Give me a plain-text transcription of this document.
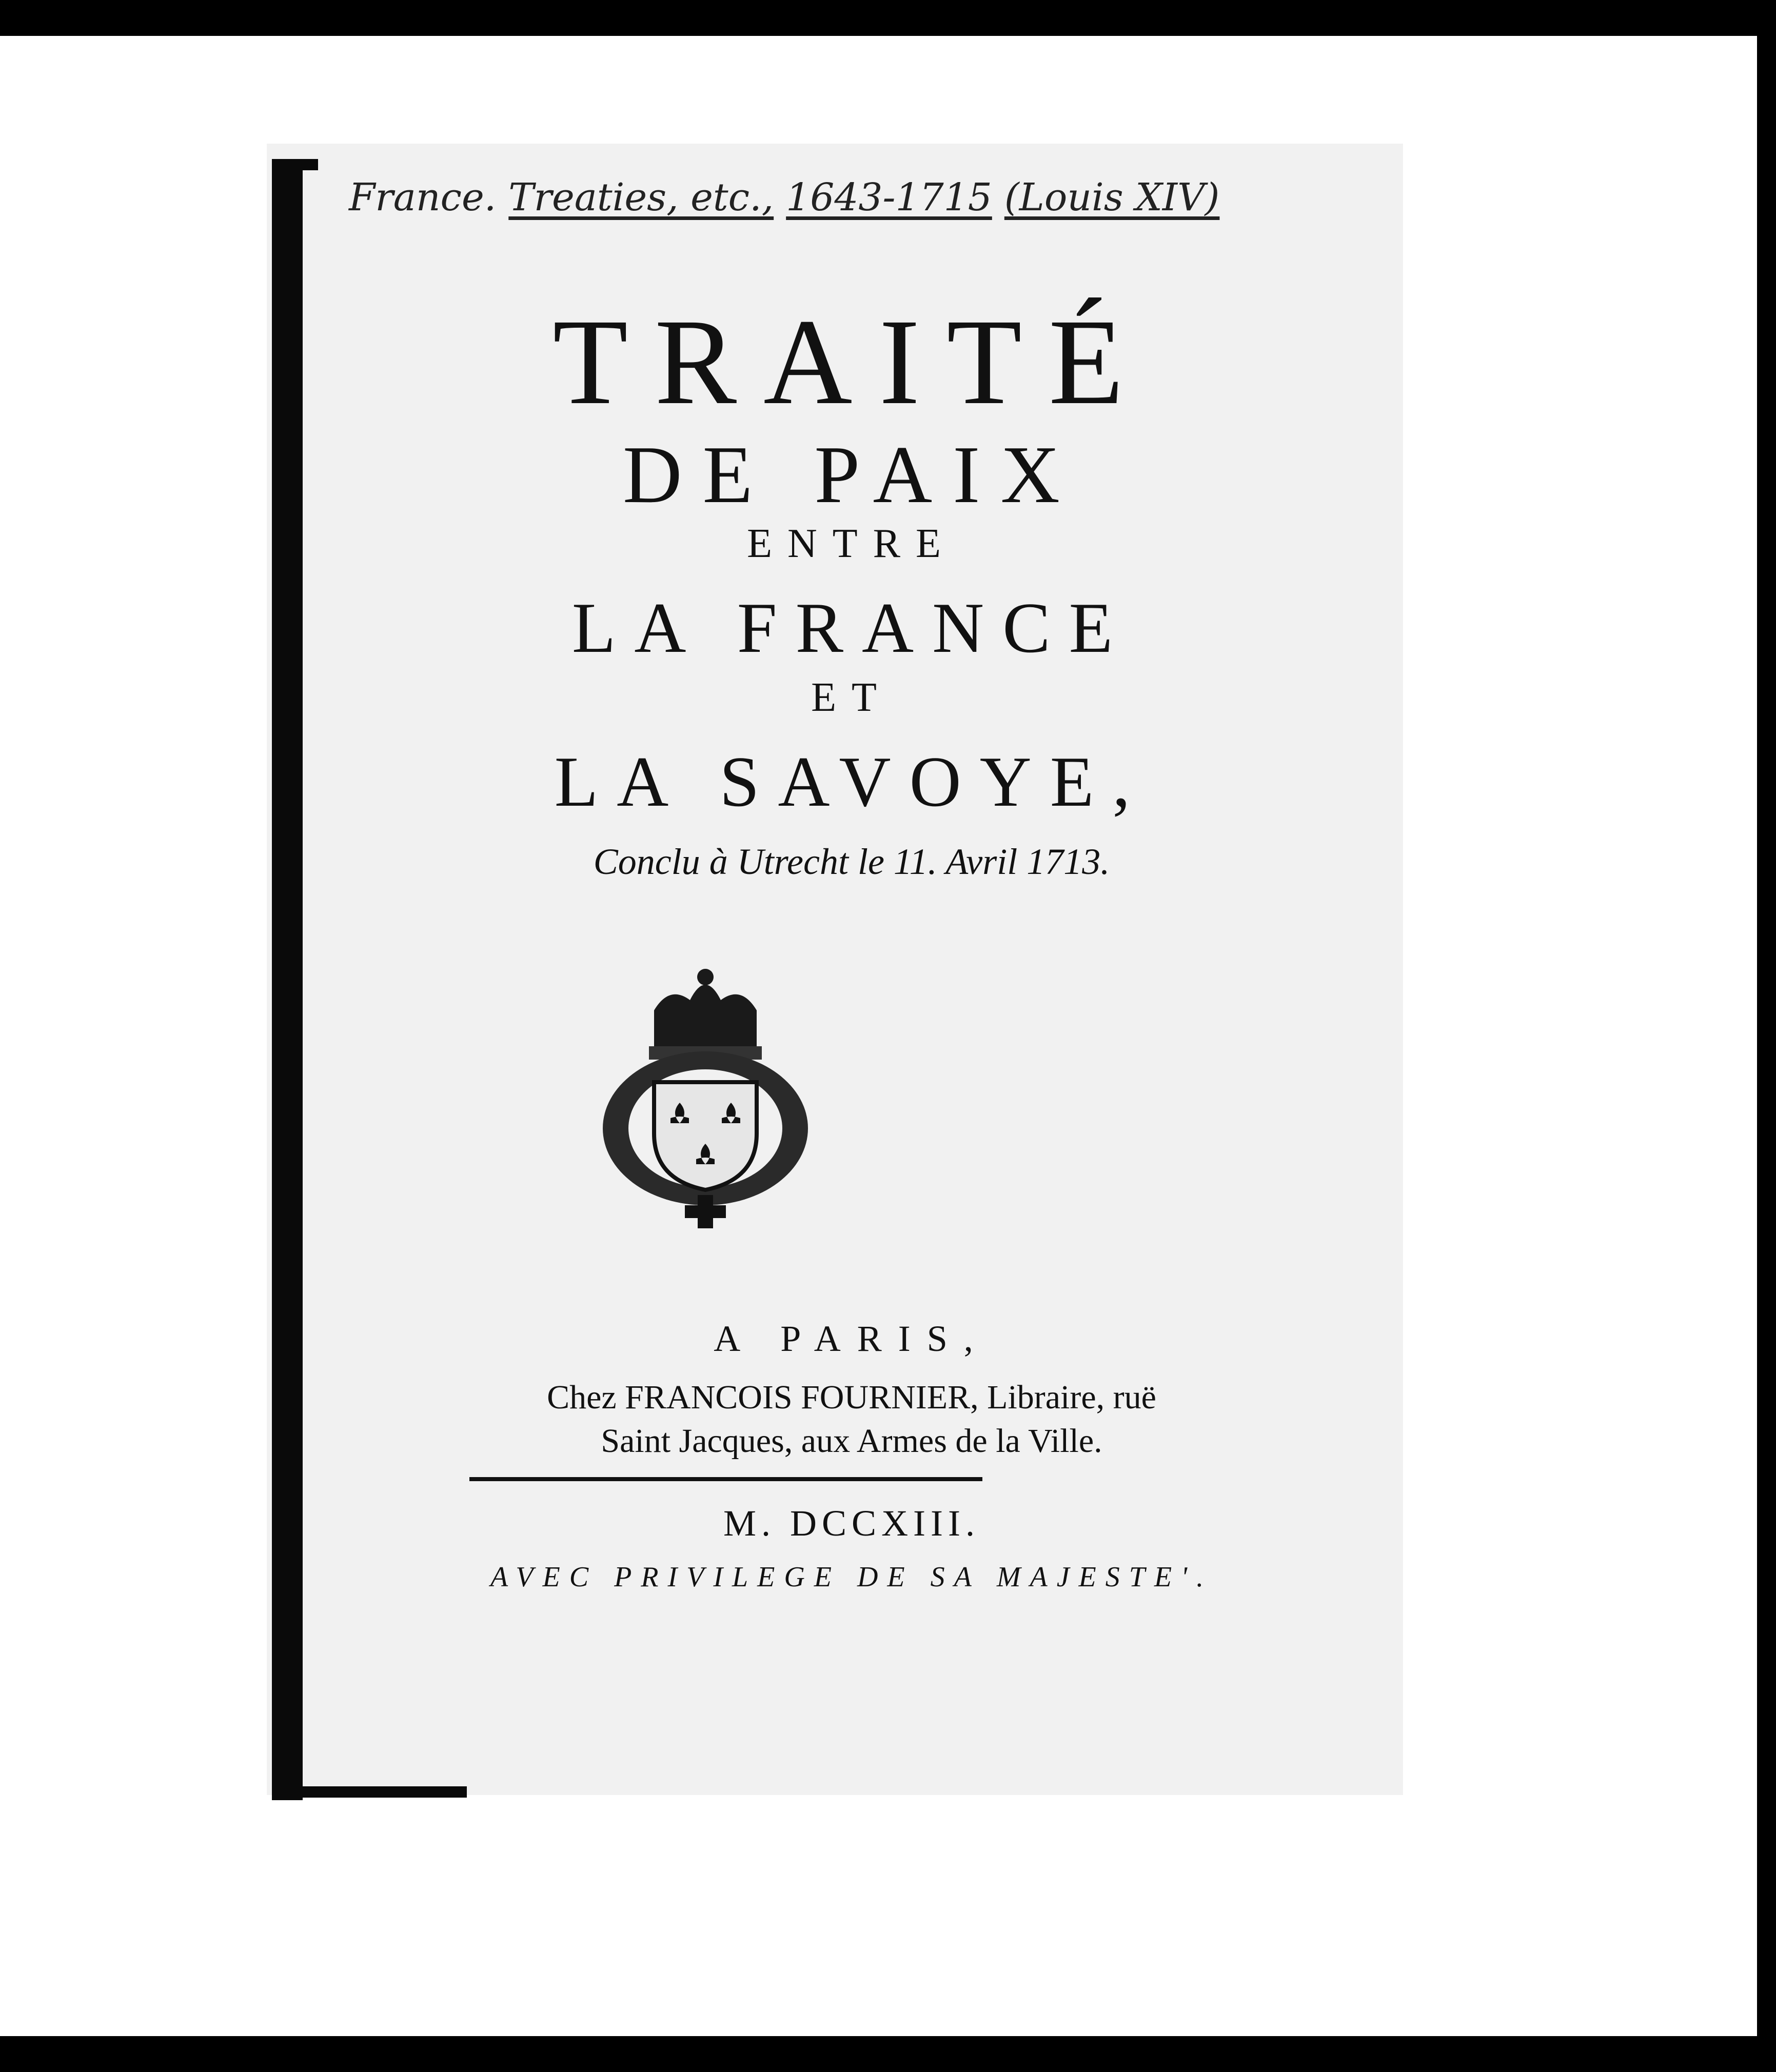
France. Treaties, etc., 1643-1715 (Louis XIV)

TRAITÉ

DE PAIX

ENTRE

LA FRANCE

ET

LA SAVOYE,

Conclu à Utrecht le 11. Avril 1713.

A PARIS,

Chez FRANCOIS FOURNIER, Libraire, ruë

Saint Jacques, aux Armes de la Ville.

M. DCCXIII.

AVEC PRIVILEGE DE SA MAJESTE'.
